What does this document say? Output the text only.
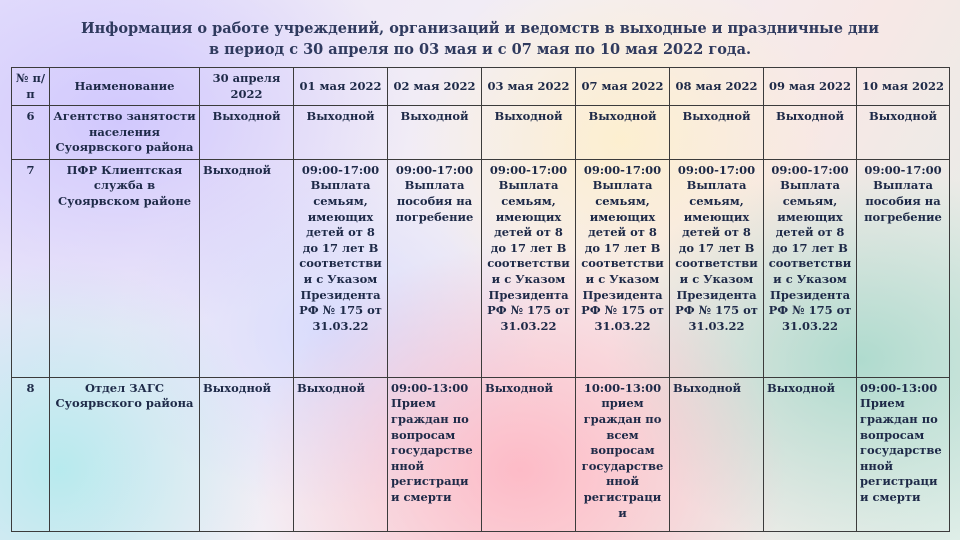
Информация о работе учреждений, организаций и ведомств в выходные и праздничные дни
в период с 30 апреля по 03 мая и с 07 мая по 10 мая 2022 года.
№ п/п	Наименование	30 апреля 2022	01 мая 2022	02 мая 2022	03 мая 2022	07 мая 2022	08 мая 2022	09 мая 2022	10 мая 2022
6	Агентство занятости населения Суоярвского района	Выходной	Выходной	Выходной	Выходной	Выходной	Выходной	Выходной	Выходной
7	ПФР Клиентская служба в Суоярвском районе	Выходной	09:00-17:00 Выплата семьям, имеющих детей от 8 до 17 лет В соответстви и с Указом Президента РФ № 175 от 31.03.22	09:00-17:00 Выплата пособия на погребение	09:00-17:00 Выплата семьям, имеющих детей от 8 до 17 лет В соответстви и с Указом Президента РФ № 175 от 31.03.22	09:00-17:00 Выплата семьям, имеющих детей от 8 до 17 лет В соответстви и с Указом Президента РФ № 175 от 31.03.22	09:00-17:00 Выплата семьям, имеющих детей от 8 до 17 лет В соответстви и с Указом Президента РФ № 175 от 31.03.22	09:00-17:00 Выплата семьям, имеющих детей от 8 до 17 лет В соответстви и с Указом Президента РФ № 175 от 31.03.22	09:00-17:00 Выплата пособия на погребение
8	Отдел ЗАГС Суоярвского района	Выходной	Выходной	09:00-13:00 Прием граждан по вопросам государстве нной регистраци и смерти	Выходной	10:00-13:00 прием граждан по всем вопросам государстве нной регистраци и	Выходной	Выходной	09:00-13:00 Прием граждан по вопросам государстве нной регистраци и смерти
